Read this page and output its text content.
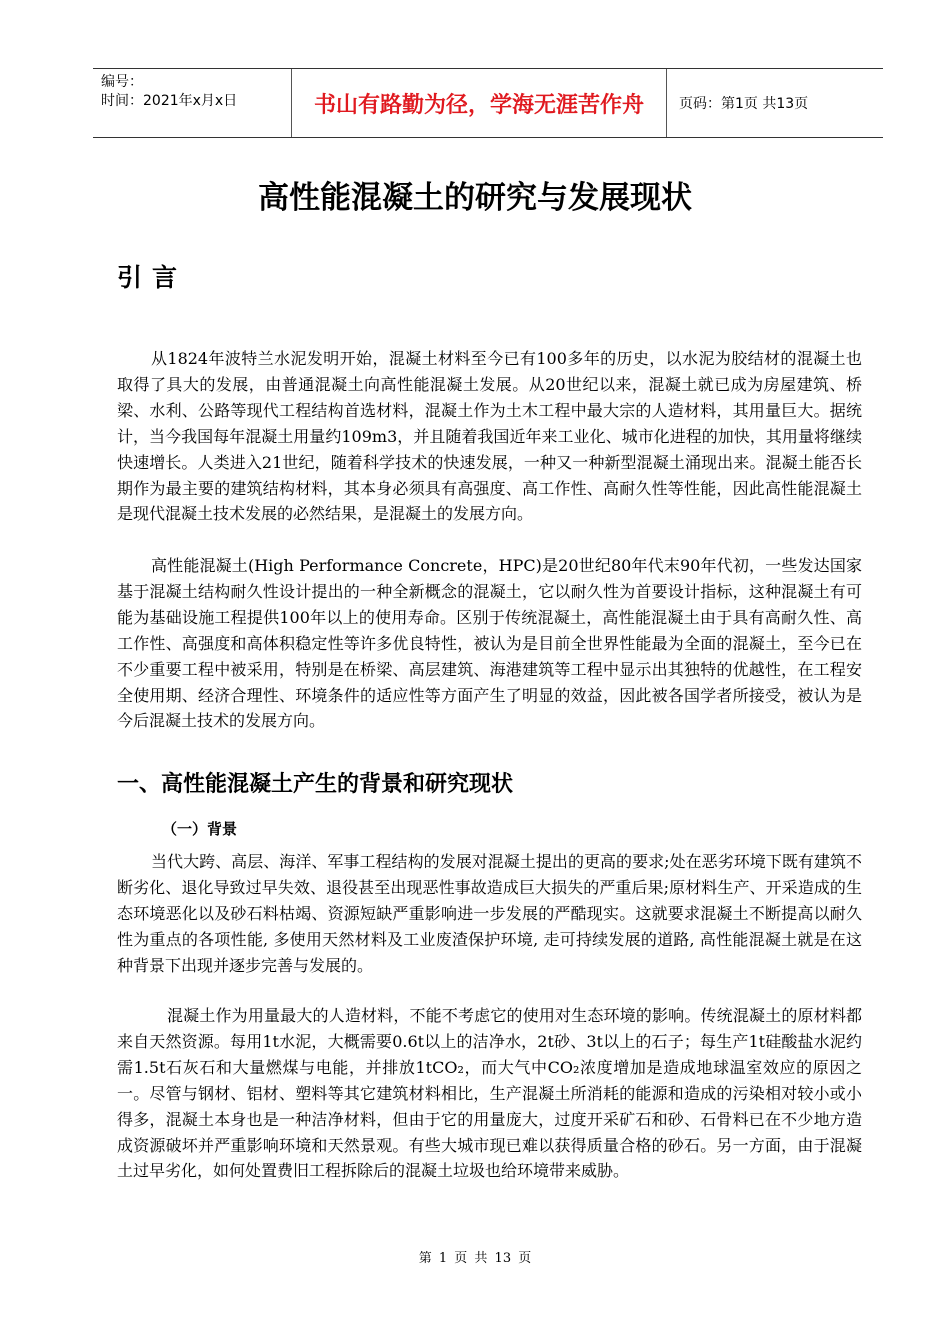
编号：
时间：2021年x月x日	书山有路勤为径，学海无涯苦作舟	页码：第1页 共13页
高性能混凝土的研究与发展现状
引言

从1824年波特兰水泥发明开始，混凝土材料至今已有100多年的历史，以水泥为胶结材的混凝土也取得了具大的发展，由普通混凝土向高性能混凝土发展。从20世纪以来，混凝土就已成为房屋建筑、桥梁、水利、公路等现代工程结构首选材料，混凝土作为土木工程中最大宗的人造材料，其用量巨大。据统计，当今我国每年混凝土用量约109m3，并且随着我国近年来工业化、城市化进程的加快，其用量将继续快速增长。人类进入21世纪，随着科学技术的快速发展，一种又一种新型混凝土涌现出来。混凝土能否长期作为最主要的建筑结构材料，其本身必须具有高强度、高工作性、高耐久性等性能，因此高性能混凝土是现代混凝土技术发展的必然结果，是混凝土的发展方向。

高性能混凝土(High Performance Concrete，HPC)是20世纪80年代末90年代初，一些发达国家基于混凝土结构耐久性设计提出的一种全新概念的混凝土，它以耐久性为首要设计指标，这种混凝土有可能为基础设施工程提供100年以上的使用寿命。区别于传统混凝土，高性能混凝土由于具有高耐久性、高工作性、高强度和高体积稳定性等许多优良特性，被认为是目前全世界性能最为全面的混凝土，至今已在不少重要工程中被采用，特别是在桥梁、高层建筑、海港建筑等工程中显示出其独特的优越性，在工程安全使用期、经济合理性、环境条件的适应性等方面产生了明显的效益，因此被各国学者所接受，被认为是今后混凝土技术的发展方向。

一、高性能混凝土产生的背景和研究现状
（一）背景

当代大跨、高层、海洋、军事工程结构的发展对混凝土提出的更高的要求;处在恶劣环境下既有建筑不断劣化、退化导致过早失效、退役甚至出现恶性事故造成巨大损失的严重后果;原材料生产、开采造成的生态环境恶化以及砂石料枯竭、资源短缺严重影响进一步发展的严酷现实。这就要求混凝土不断提高以耐久性为重点的各项性能, 多使用天然材料及工业废渣保护环境, 走可持续发展的道路, 高性能混凝土就是在这种背景下出现并逐步完善与发展的。

混凝土作为用量最大的人造材料，不能不考虑它的使用对生态环境的影响。传统混凝土的原材料都来自天然资源。每用1t水泥，大概需要0.6t以上的洁净水，2t砂、3t以上的石子；每生产1t硅酸盐水泥约需1.5t石灰石和大量燃煤与电能，并排放1tCO₂，而大气中CO₂浓度增加是造成地球温室效应的原因之一。尽管与钢材、铝材、塑料等其它建筑材料相比，生产混凝土所消耗的能源和造成的污染相对较小或小得多，混凝土本身也是一种洁净材料，但由于它的用量庞大，过度开采矿石和砂、石骨料已在不少地方造成资源破坏并严重影响环境和天然景观。有些大城市现已难以获得质量合格的砂石。另一方面，由于混凝土过早劣化，如何处置费旧工程拆除后的混凝土垃圾也给环境带来威胁。

第 1 页 共 13 页
